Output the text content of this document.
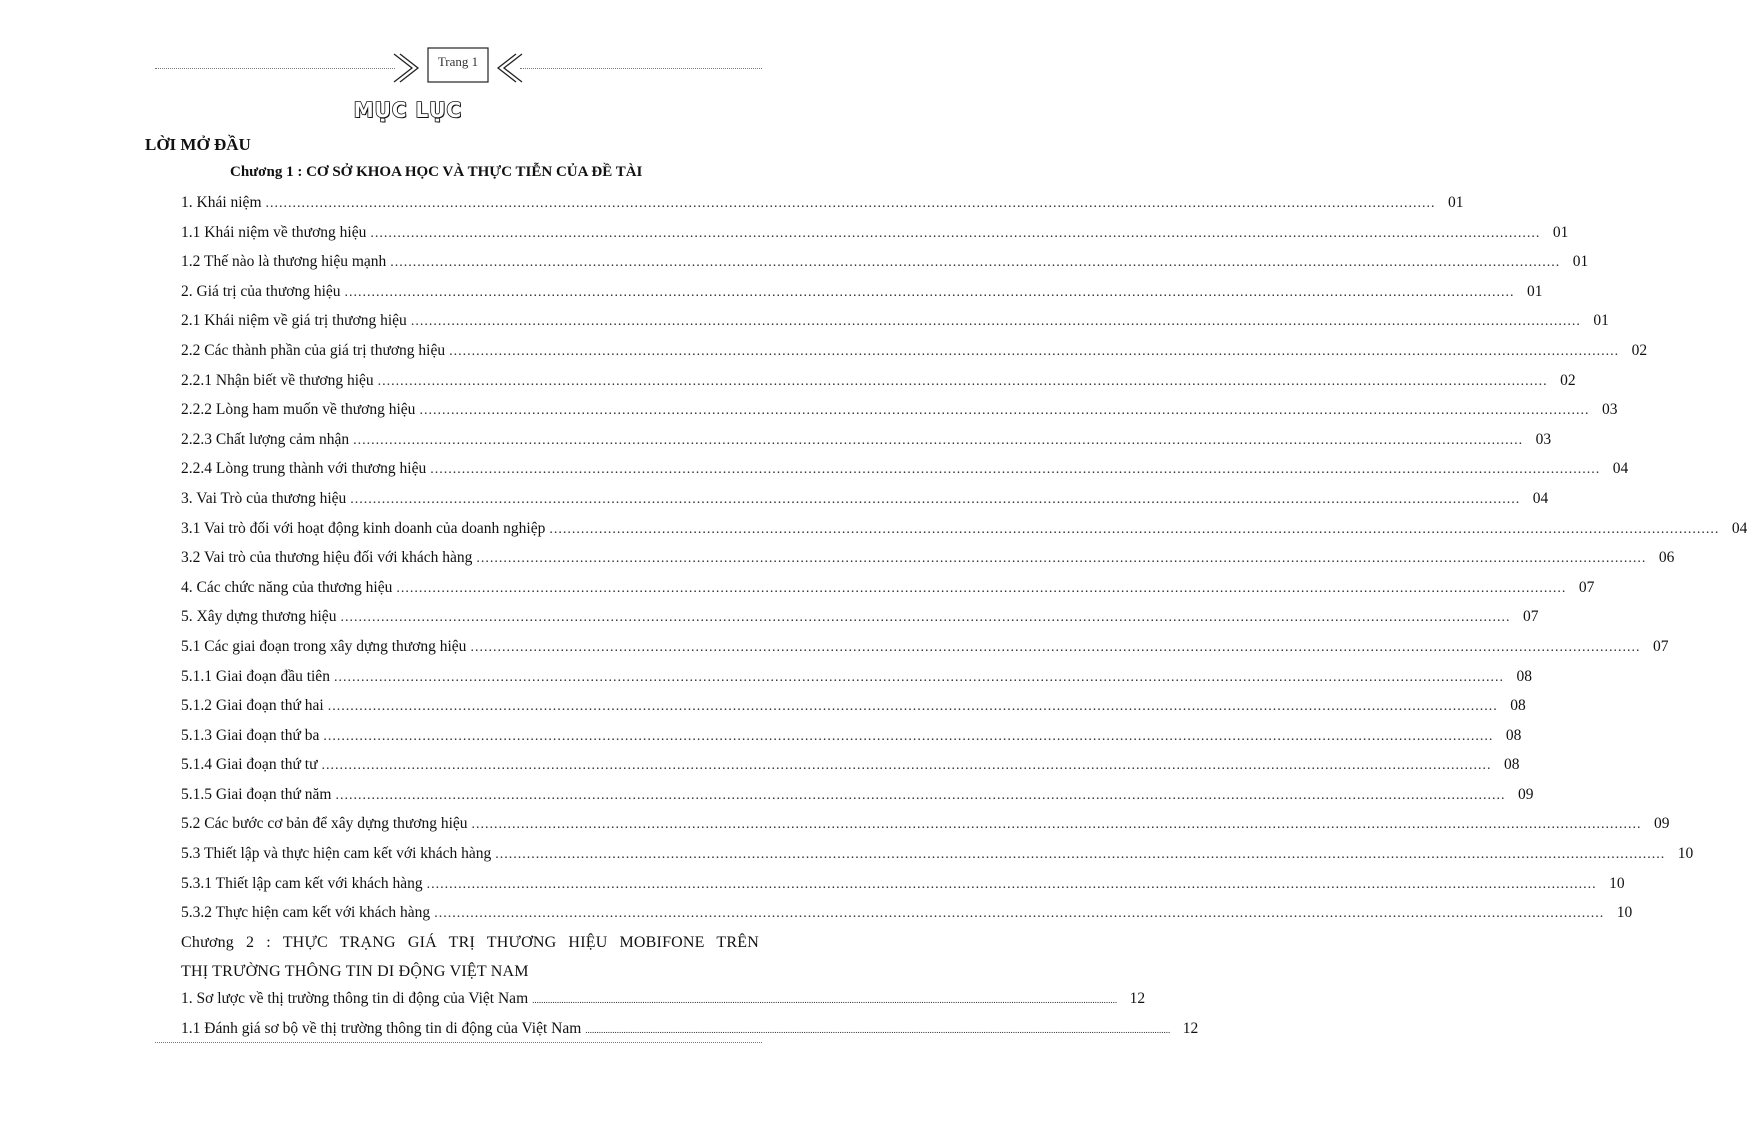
Trang 1
MỤC LỤC
LỜI MỞ ĐẦU
Chương 1 : CƠ SỞ KHOA HỌC VÀ THỰC TIỄN CỦA ĐỀ TÀI
1. Khái niệm .................................................................................................................................................................................................................................................................... 01
1.1 Khái niệm về thương hiệu .................................................................................................................................................................................................................................................................... 01
1.2 Thế nào là thương hiệu mạnh .................................................................................................................................................................................................................................................................... 01
2. Giá trị của thương hiệu .................................................................................................................................................................................................................................................................... 01
2.1 Khái niệm về giá trị thương hiệu .................................................................................................................................................................................................................................................................... 01
2.2 Các thành phần của giá trị thương hiệu .................................................................................................................................................................................................................................................................... 02
2.2.1 Nhận biết về thương hiệu .................................................................................................................................................................................................................................................................... 02
2.2.2 Lòng ham muốn về thương hiệu .................................................................................................................................................................................................................................................................... 03
2.2.3 Chất lượng cảm nhận .................................................................................................................................................................................................................................................................... 03
2.2.4 Lòng trung thành với thương hiệu .................................................................................................................................................................................................................................................................... 04
3. Vai Trò của thương hiệu .................................................................................................................................................................................................................................................................... 04
3.1 Vai trò đối với hoạt động kinh doanh của doanh nghiệp .................................................................................................................................................................................................................................................................... 04
3.2 Vai trò của thương hiệu đối với khách hàng .................................................................................................................................................................................................................................................................... 06
4. Các chức năng của thương hiệu .................................................................................................................................................................................................................................................................... 07
5. Xây dựng thương hiệu .................................................................................................................................................................................................................................................................... 07
5.1 Các giai đoạn trong xây dựng thương hiệu .................................................................................................................................................................................................................................................................... 07
5.1.1 Giai đoạn đầu tiên .................................................................................................................................................................................................................................................................... 08
5.1.2 Giai đoạn thứ hai .................................................................................................................................................................................................................................................................... 08
5.1.3 Giai đoạn thứ ba .................................................................................................................................................................................................................................................................... 08
5.1.4 Giai đoạn thứ tư .................................................................................................................................................................................................................................................................... 08
5.1.5 Giai đoạn thứ năm .................................................................................................................................................................................................................................................................... 09
5.2 Các bước cơ bản để xây dựng thương hiệu .................................................................................................................................................................................................................................................................... 09
5.3 Thiết lập và thực hiện cam kết với khách hàng .................................................................................................................................................................................................................................................................... 10
5.3.1 Thiết lập cam kết với khách hàng .................................................................................................................................................................................................................................................................... 10
5.3.2 Thực hiện cam kết với khách hàng .................................................................................................................................................................................................................................................................... 10
Chương 2 : THỰC TRẠNG GIÁ TRỊ THƯƠNG HIỆU MOBIFONE TRÊN
THỊ TRƯỜNG THÔNG TIN DI ĐỘNG VIỆT NAM
1. Sơ lược về thị trường thông tin di động của Việt Nam .................................................................................................................................................................................................................................................................... 12
1.1 Đánh giá sơ bộ về thị trường thông tin di động của Việt Nam .................................................................................................................................................................................................................................................................... 12
